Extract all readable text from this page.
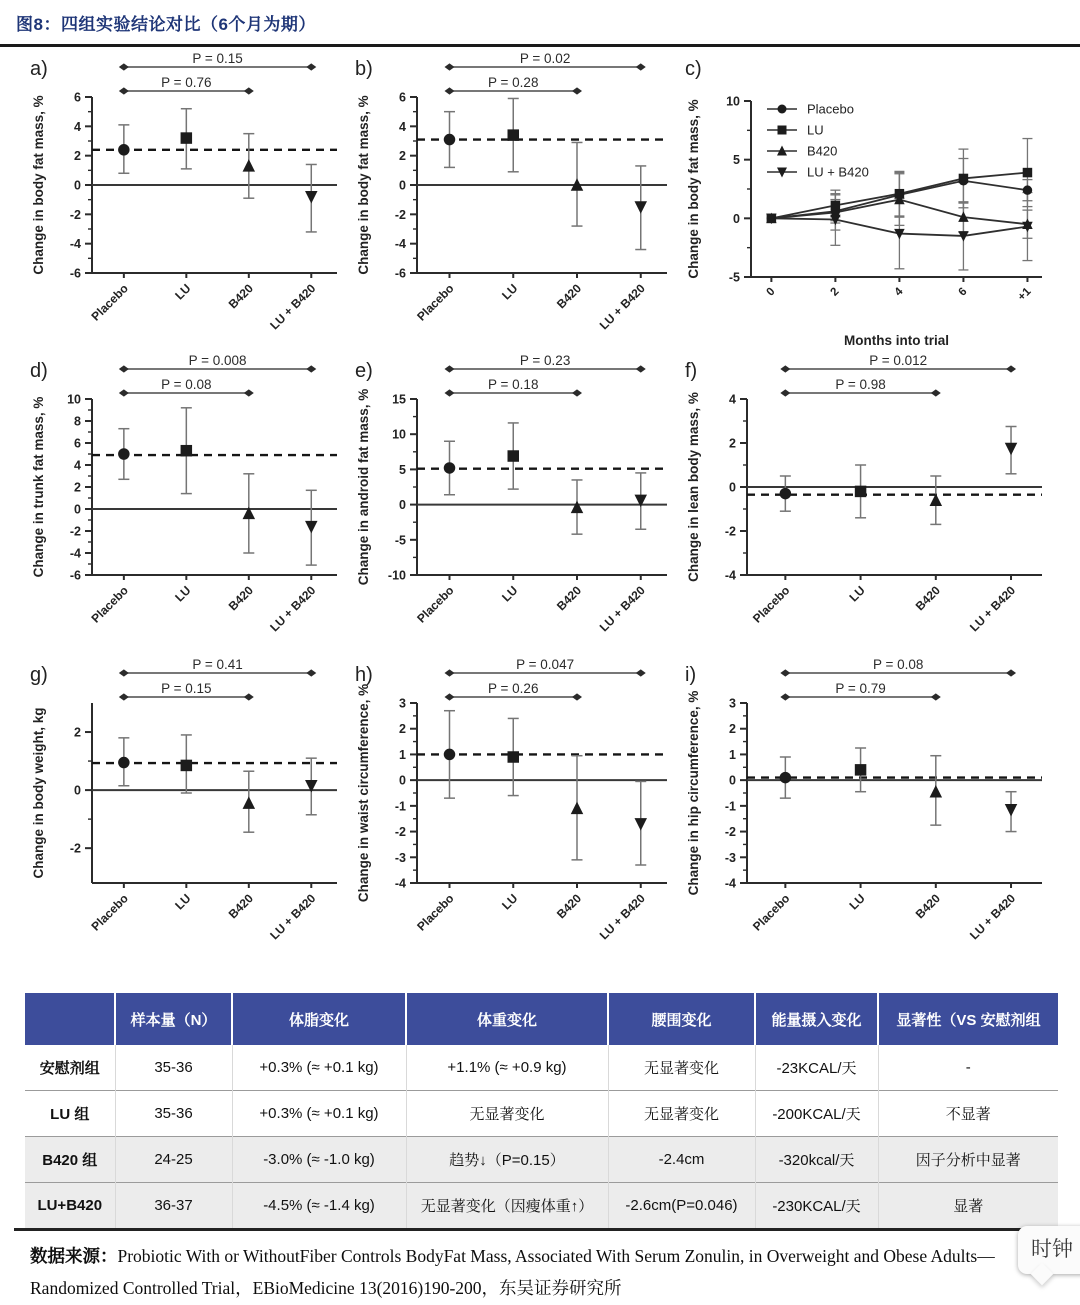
图8：四组实验结论对比（6个月为期）
a)	P = 0.15
P = 0.76
6
4
2
0
-2
-4
-6
Placebo	LU	B420 LU + B420
Change in body fat mass, %
b)	P = 0.02
P = 0.28
6
4
2
0
-2
-4
-6
Placebo	LU	B420 LU + B420
Change in body fat mass, %
c)
10
5
0
-5
0	2	4	6	+1
Months into trial
Placebo
LU
B420
LU + B420
Change in body fat mass, %
d)	P = 0.008
P = 0.08
10
8
6
4
2
0
-2
-4
-6
Placebo	LU	B420 LU + B420
Change in trunk fat mass, %
e)	P = 0.23
P = 0.18
15
10
5
0
-5
-10
Placebo	LU	B420 LU + B420
Change in android fat mass, %
f)	P = 0.012
P = 0.98
4
2
0
-2
-4
Placebo	LU	B420 LU + B420
Change in lean body mass, %
g)	P = 0.41
P = 0.15
2
0
-2
Placebo	LU	B420 LU + B420
Change in body weight, kg
h)	P = 0.047
P = 0.26
3
2
1
0
-1
-2
-3
-4
Placebo	LU	B420 LU + B420
Change in waist circumference, %
i)	P = 0.08
P = 0.79
3
2
1
0
-1
-2
-3
-4
Placebo	LU	B420 LU + B420
Change in hip circumference, %
	样本量（N）	体脂变化	体重变化	腰围变化	能量摄入变化	显著性（VS 安慰剂组
安慰剂组	35-36	+0.3% (≈ +0.1 kg)	+1.1% (≈ +0.9 kg)	无显著变化	-23KCAL/天	-
LU 组	35-36	+0.3% (≈ +0.1 kg)	无显著变化	无显著变化	-200KCAL/天	不显著
B420 组	24-25	-3.0% (≈ -1.0 kg)	趋势↓（P=0.15）	-2.4cm	-320kcal/天	因子分析中显著
LU+B420	36-37	-4.5% (≈ -1.4 kg)	无显著变化（因瘦体重↑）	-2.6cm(P=0.046)	-230KCAL/天	显著
数据来源：Probiotic With or WithoutFiber Controls BodyFat Mass, Associated With Serum Zonulin, in Overweight and Obese Adults—Randomized Controlled Trial，EBioMedicine 13(2016)190-200，东吴证券研究所
时钟
